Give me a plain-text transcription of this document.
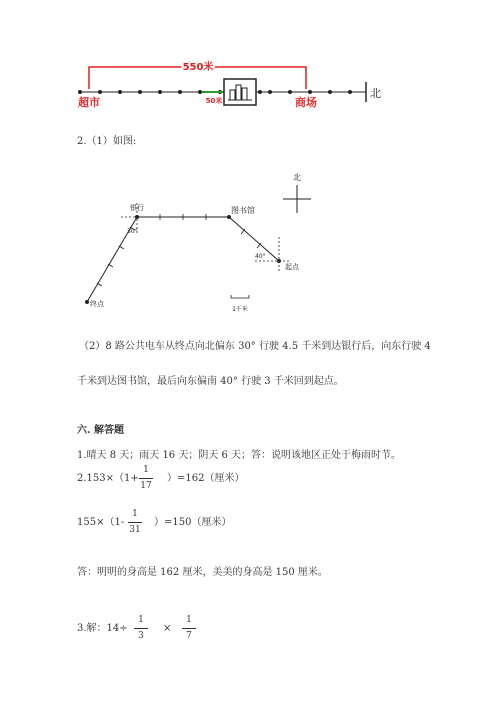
550米
50米
北
超市	商场
2.（1）如图:
北
银行
30°
图书馆
40°
起点
终点
1千米
（2）8 路公共电车从终点向北偏东 30° 行驶 4.5 千米到达银行后，向东行驶 4
千米到达图书馆，最后向东偏南 40° 行驶 3 千米回到起点。
六. 解答题
1.晴天 8 天；雨天 16 天；阴天 6 天；答：说明该地区正处于梅雨时节。
2.153×（1+
1
17
）=162（厘米）
155×（1-
1
31
）=150（厘米）
答：明明的身高是 162 厘米，美美的身高是 150 厘米。
3.解：14÷
1
3
×
1
7
